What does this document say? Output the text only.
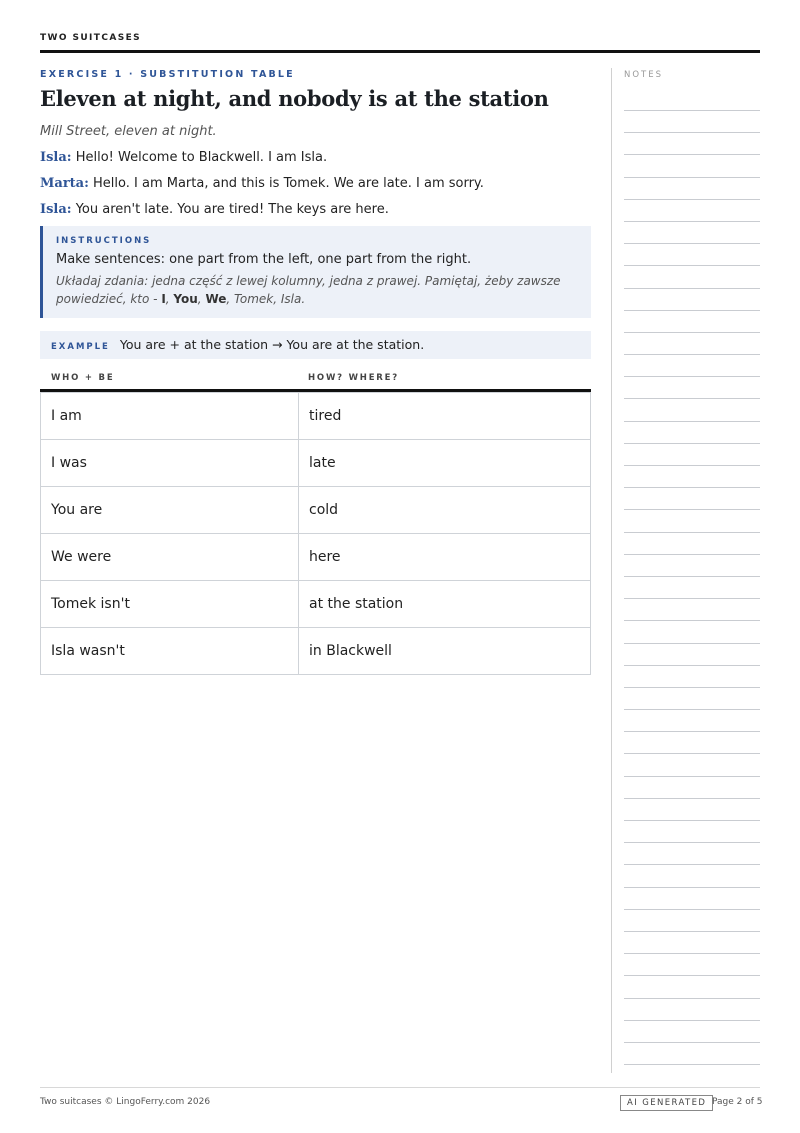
TWO SUITCASES
EXERCISE 1 · SUBSTITUTION TABLE
Eleven at night, and nobody is at the station
Mill Street, eleven at night.
Isla: Hello! Welcome to Blackwell. I am Isla.
Marta: Hello. I am Marta, and this is Tomek. We are late. I am sorry.
Isla: You aren't late. You are tired! The keys are here.
INSTRUCTIONS
Make sentences: one part from the left, one part from the right.
Układaj zdania: jedna część z lewej kolumny, jedna z prawej. Pamiętaj, żeby zawsze powiedzieć, kto - I, You, We, Tomek, Isla.
EXAMPLE You are + at the station → You are at the station.
WHO + BE	HOW? WHERE?
I am	tired
I was	late
You are	cold
We were	here
Tomek isn't	at the station
Isla wasn't	in Blackwell
NOTES
Two suitcases © LingoFerry.com 2026	AI GENERATED Page 2 of 5
